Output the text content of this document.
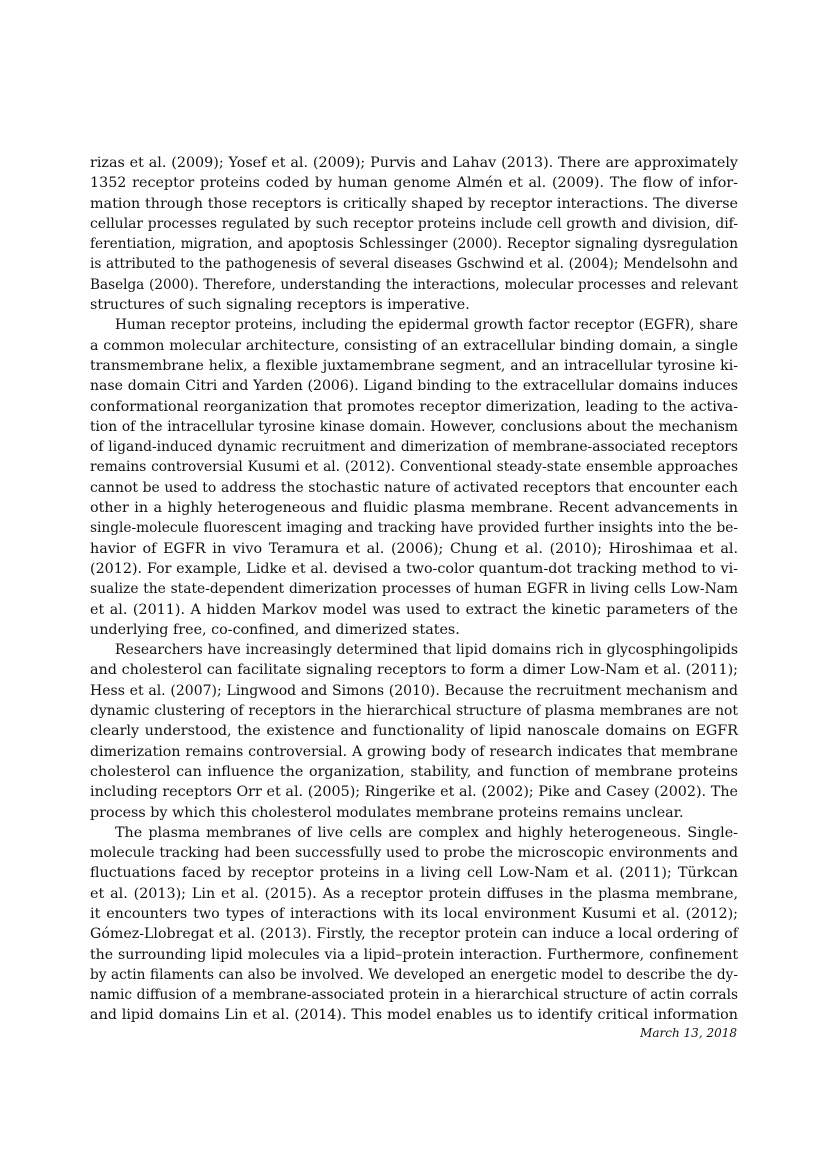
rizas et al. (2009); Yosef et al. (2009); Purvis and Lahav (2013). There are approximately
1352 receptor proteins coded by human genome Almén et al. (2009). The flow of infor-
mation through those receptors is critically shaped by receptor interactions. The diverse
cellular processes regulated by such receptor proteins include cell growth and division, dif-
ferentiation, migration, and apoptosis Schlessinger (2000). Receptor signaling dysregulation
is attributed to the pathogenesis of several diseases Gschwind et al. (2004); Mendelsohn and
Baselga (2000). Therefore, understanding the interactions, molecular processes and relevant
structures of such signaling receptors is imperative.
Human receptor proteins, including the epidermal growth factor receptor (EGFR), share
a common molecular architecture, consisting of an extracellular binding domain, a single
transmembrane helix, a flexible juxtamembrane segment, and an intracellular tyrosine ki-
nase domain Citri and Yarden (2006). Ligand binding to the extracellular domains induces
conformational reorganization that promotes receptor dimerization, leading to the activa-
tion of the intracellular tyrosine kinase domain. However, conclusions about the mechanism
of ligand-induced dynamic recruitment and dimerization of membrane-associated receptors
remains controversial Kusumi et al. (2012). Conventional steady-state ensemble approaches
cannot be used to address the stochastic nature of activated receptors that encounter each
other in a highly heterogeneous and fluidic plasma membrane. Recent advancements in
single-molecule fluorescent imaging and tracking have provided further insights into the be-
havior of EGFR in vivo Teramura et al. (2006); Chung et al. (2010); Hiroshimaa et al.
(2012). For example, Lidke et al. devised a two-color quantum-dot tracking method to vi-
sualize the state-dependent dimerization processes of human EGFR in living cells Low-Nam
et al. (2011). A hidden Markov model was used to extract the kinetic parameters of the
underlying free, co-confined, and dimerized states.
Researchers have increasingly determined that lipid domains rich in glycosphingolipids
and cholesterol can facilitate signaling receptors to form a dimer Low-Nam et al. (2011);
Hess et al. (2007); Lingwood and Simons (2010). Because the recruitment mechanism and
dynamic clustering of receptors in the hierarchical structure of plasma membranes are not
clearly understood, the existence and functionality of lipid nanoscale domains on EGFR
dimerization remains controversial. A growing body of research indicates that membrane
cholesterol can influence the organization, stability, and function of membrane proteins
including receptors Orr et al. (2005); Ringerike et al. (2002); Pike and Casey (2002). The
process by which this cholesterol modulates membrane proteins remains unclear.
The plasma membranes of live cells are complex and highly heterogeneous. Single-
molecule tracking had been successfully used to probe the microscopic environments and
fluctuations faced by receptor proteins in a living cell Low-Nam et al. (2011); Türkcan
et al. (2013); Lin et al. (2015). As a receptor protein diffuses in the plasma membrane,
it encounters two types of interactions with its local environment Kusumi et al. (2012);
Gómez-Llobregat et al. (2013). Firstly, the receptor protein can induce a local ordering of
the surrounding lipid molecules via a lipid–protein interaction. Furthermore, confinement
by actin filaments can also be involved. We developed an energetic model to describe the dy-
namic diffusion of a membrane-associated protein in a hierarchical structure of actin corrals
and lipid domains Lin et al. (2014). This model enables us to identify critical information
March 13, 2018
